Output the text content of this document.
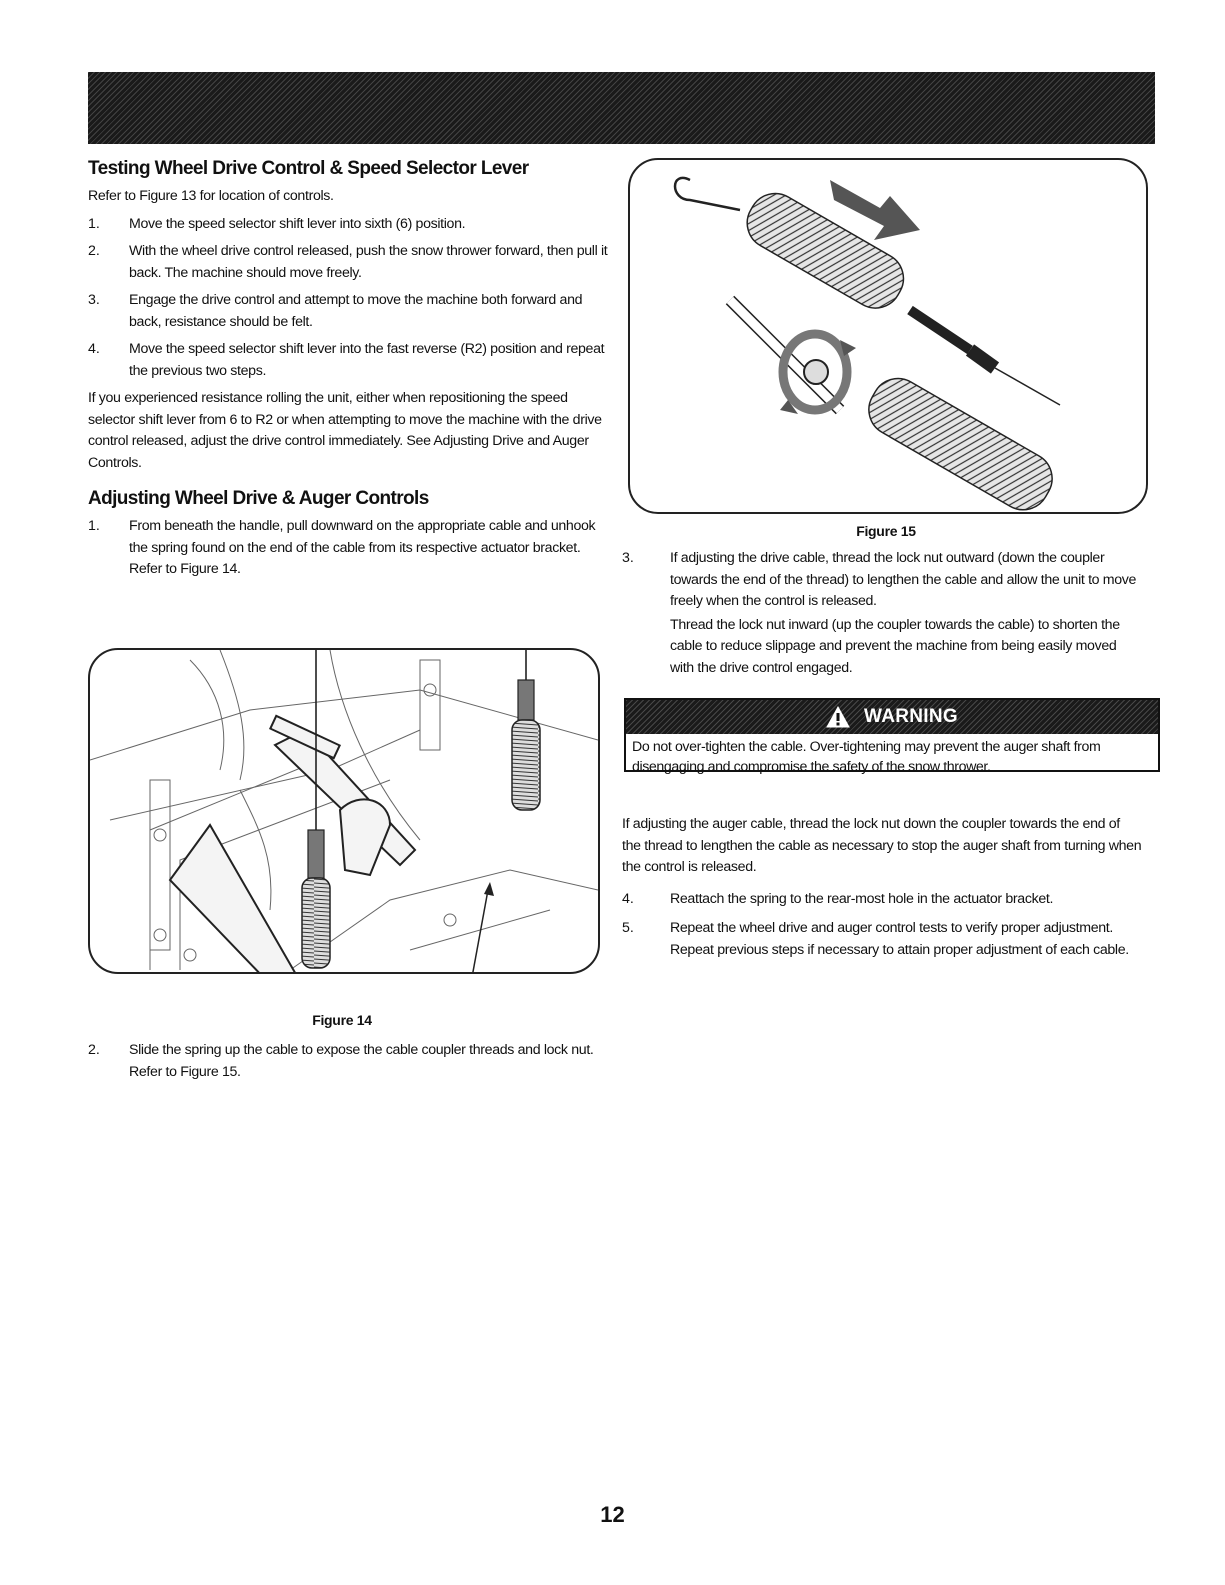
Testing Wheel Drive Control & Speed Selector Lever

Refer to Figure 13 for location of controls.

1.	Move the speed selector shift lever into sixth (6) position.
2.	With the wheel drive control released, push the snow thrower forward, then pull it back. The machine should move freely.
3.	Engage the drive control and attempt to move the machine both forward and back, resistance should be felt.
4.	Move the speed selector shift lever into the fast reverse (R2) position and repeat the previous two steps.

If you experienced resistance rolling the unit, either when repositioning the speed selector shift lever from 6 to R2 or when attempting to move the machine with the drive control released, adjust the drive control immediately. See Adjusting Drive and Auger Controls.

Adjusting Wheel Drive & Auger Controls
1.	From beneath the handle, pull downward on the appropriate cable and unhook the spring found on the end of the cable from its respective actuator bracket. Refer to Figure 14.
Figure 14
2.	Slide the spring up the cable to expose the cable coupler threads and lock nut. Refer to Figure 15.
Figure 15
3.	If adjusting the drive cable, thread the lock nut outward (down the coupler towards the end of the thread) to lengthen the cable and allow the unit to move freely when the control is released.
Thread the lock nut inward (up the coupler towards the cable) to shorten the cable to reduce slippage and prevent the machine from being easily moved with the drive control engaged.
WARNING
Do not over-tighten the cable. Over-tightening may prevent the auger shaft from disengaging and compromise the safety of the snow thrower.

If adjusting the auger cable, thread the lock nut down the coupler towards the end of the thread to lengthen the cable as necessary to stop the auger shaft from turning when the control is released.

4.	Reattach the spring to the rear-most hole in the actuator bracket.
5.	Repeat the wheel drive and auger control tests to verify proper adjustment. Repeat previous steps if necessary to attain proper adjustment of each cable.
12
